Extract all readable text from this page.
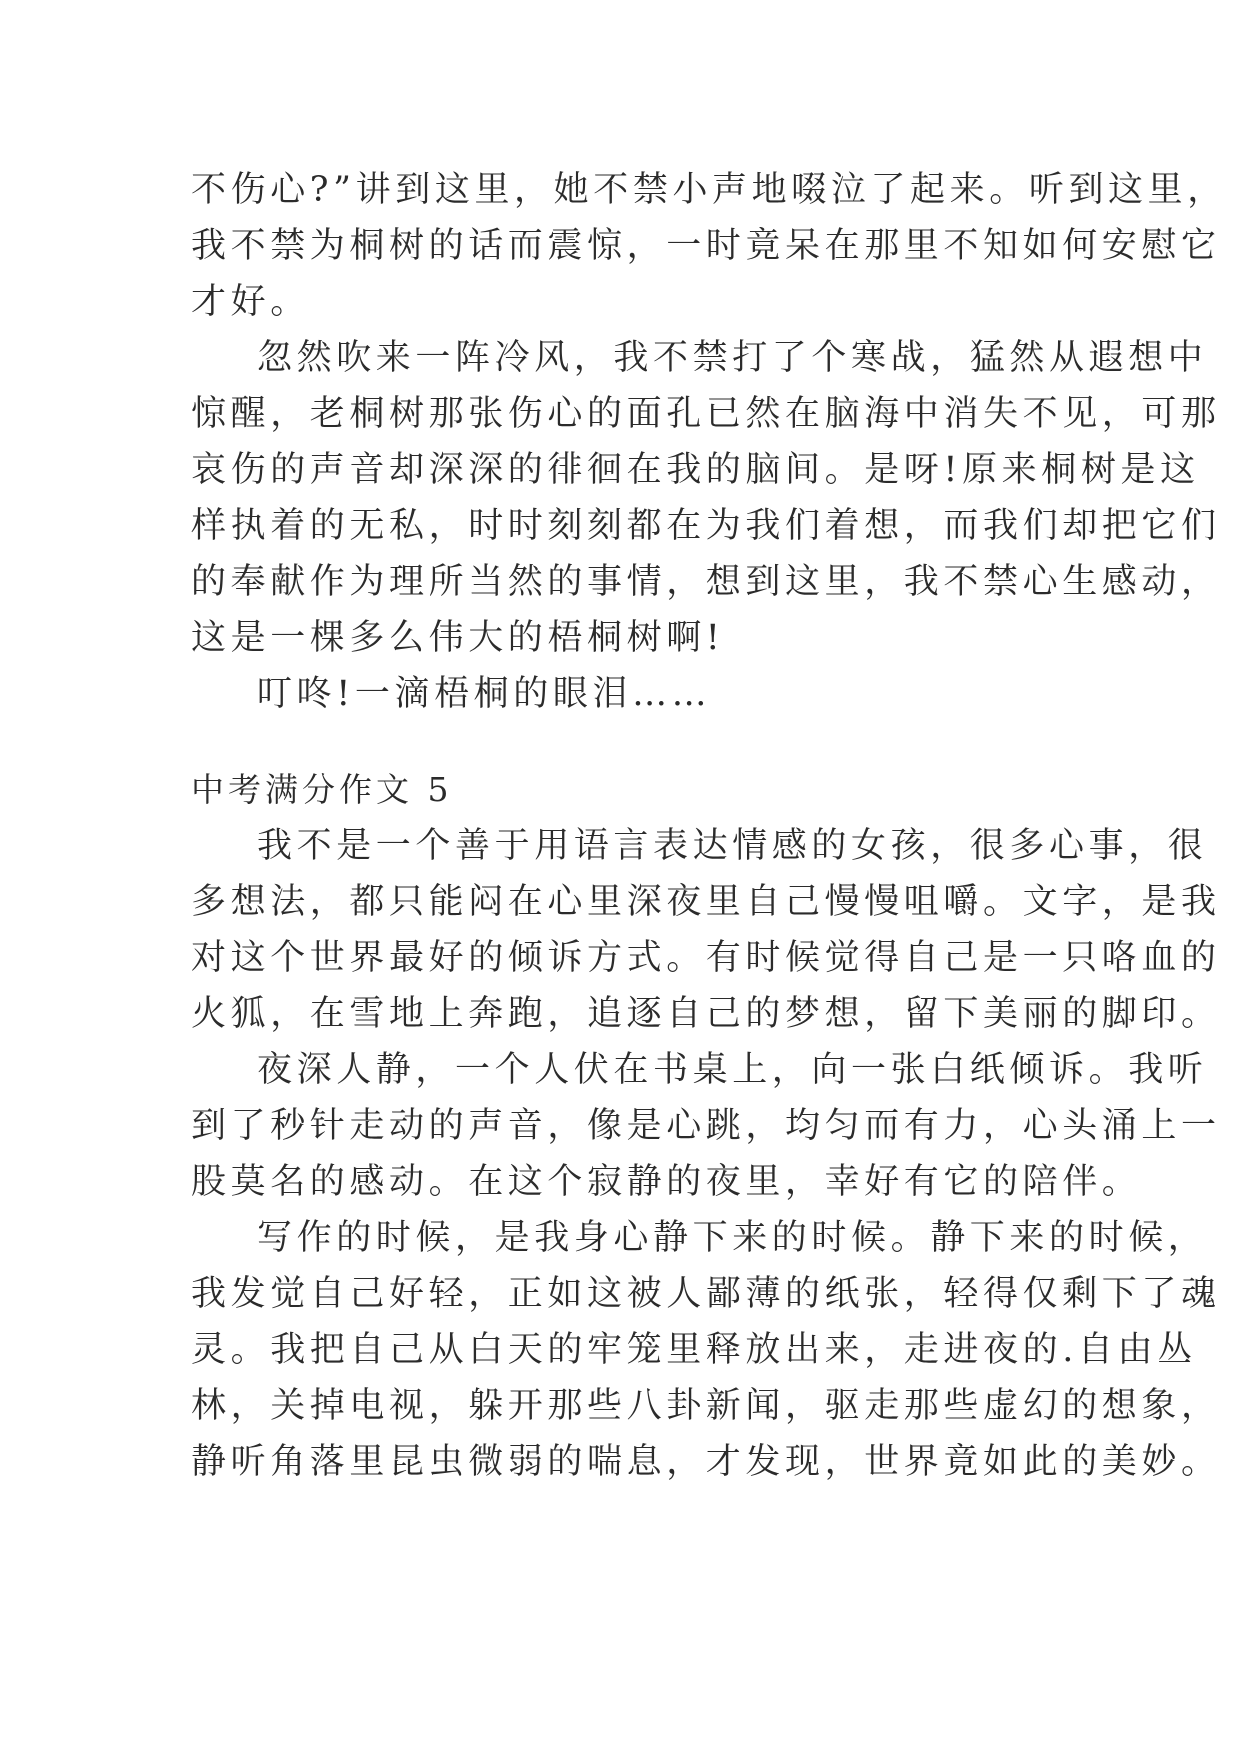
不伤心?”讲到这里，她不禁小声地啜泣了起来。听到这里，
我不禁为桐树的话而震惊，一时竟呆在那里不知如何安慰它
才好。
忽然吹来一阵冷风，我不禁打了个寒战，猛然从遐想中
惊醒，老桐树那张伤心的面孔已然在脑海中消失不见，可那
哀伤的声音却深深的徘徊在我的脑间。是呀!原来桐树是这
样执着的无私，时时刻刻都在为我们着想，而我们却把它们
的奉献作为理所当然的事情，想到这里，我不禁心生感动，
这是一棵多么伟大的梧桐树啊!
叮咚!一滴梧桐的眼泪……
中考满分作文 5
我不是一个善于用语言表达情感的女孩，很多心事，很
多想法，都只能闷在心里深夜里自己慢慢咀嚼。文字，是我
对这个世界最好的倾诉方式。有时候觉得自己是一只咯血的
火狐，在雪地上奔跑，追逐自己的梦想，留下美丽的脚印。
夜深人静，一个人伏在书桌上，向一张白纸倾诉。我听
到了秒针走动的声音，像是心跳，均匀而有力，心头涌上一
股莫名的感动。在这个寂静的夜里，幸好有它的陪伴。
写作的时候，是我身心静下来的时候。静下来的时候，
我发觉自己好轻，正如这被人鄙薄的纸张，轻得仅剩下了魂
灵。我把自己从白天的牢笼里释放出来，走进夜的.自由丛
林，关掉电视，躲开那些八卦新闻，驱走那些虚幻的想象，
静听角落里昆虫微弱的喘息，才发现，世界竟如此的美妙。
